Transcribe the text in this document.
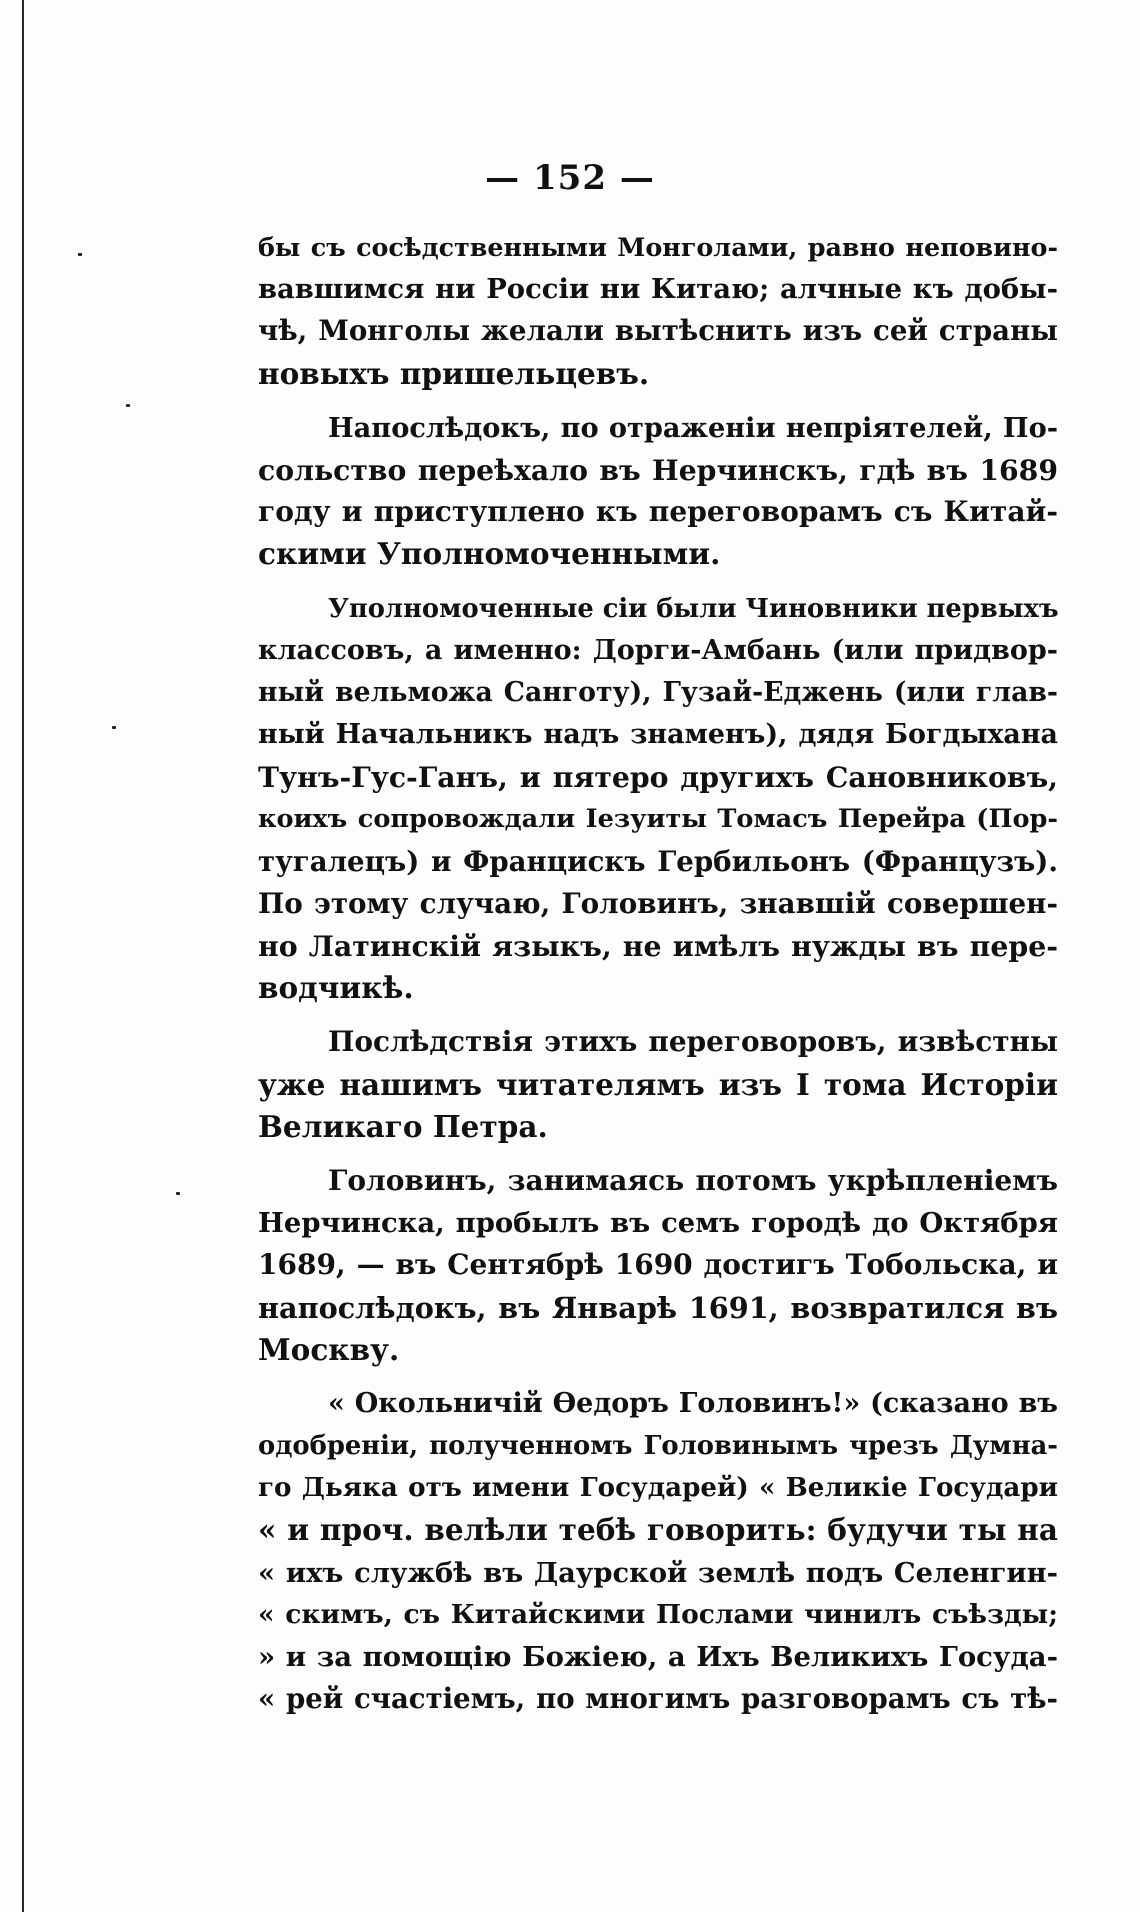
— 152 —
бы съ сосѣдственными Монголами, равно неповино-
вавшимся ни Россіи ни Китаю; алчные къ добы-
чѣ, Монголы желали вытѣснить изъ сей страны
новыхъ пришельцевъ.
Напослѣдокъ, по отраженіи непріятелей, По-
сольство переѣхало въ Нерчинскъ, гдѣ въ 1689
году и приступлено къ переговорамъ съ Китай-
скими Уполномоченными.
Уполномоченные сіи были Чиновники первыхъ
классовъ, а именно: Дорги-Амбань (или придвор-
ный вельможа Санготу), Гузай-Еджень (или глав-
ный Начальникъ надъ знаменъ), дядя Богдыхана
Тунъ-Гус-Ганъ, и пятеро другихъ Сановниковъ,
коихъ сопровождали Іезуиты Томасъ Перейра (Пор-
тугалецъ) и Францискъ Гербильонъ (Французъ).
По этому случаю, Головинъ, знавшій совершен-
но Латинскій языкъ, не имѣлъ нужды въ пере-
водчикѣ.
Послѣдствія этихъ переговоровъ, извѣстны
уже нашимъ читателямъ изъ I тома Исторіи
Великаго Петра.
Головинъ, занимаясь потомъ укрѣпленіемъ
Нерчинска, пробылъ въ семъ городѣ до Октября
1689, — въ Сентябрѣ 1690 достигъ Тобольска, и
напослѣдокъ, въ Январѣ 1691, возвратился въ
Москву.
« Окольничій Ѳедоръ Головинъ!» (сказано въ
одобреніи, полученномъ Головинымъ чрезъ Думна-
го Дьяка отъ имени Государей) « Великіе Государи
« и проч. велѣли тебѣ говорить: будучи ты на
« ихъ службѣ въ Даурской землѣ подъ Селенгин-
« скимъ, съ Китайскими Послами чинилъ съѣзды;
» и за помощію Божіею, а Ихъ Великихъ Госуда-
« рей счастіемъ, по многимъ разговорамъ съ тѣ-
